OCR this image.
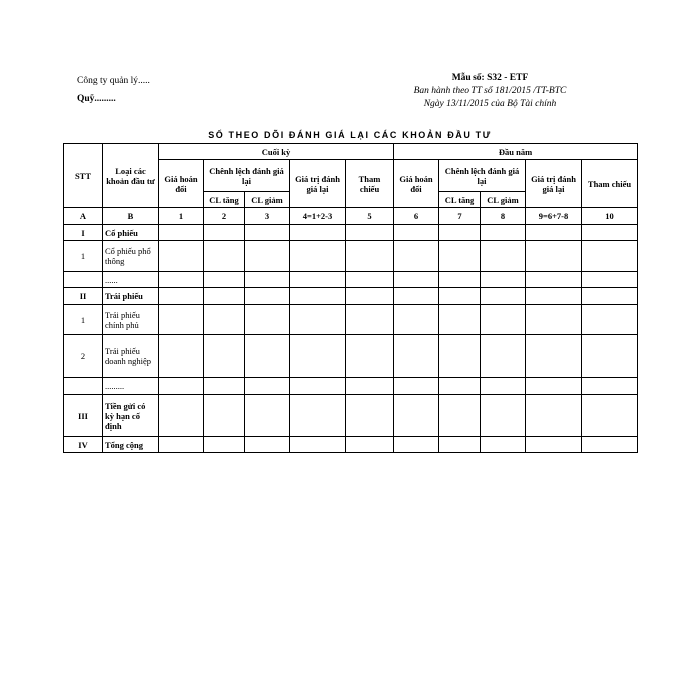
Công ty quản lý.....
Quỹ.........
Mẫu số: S32 - ETF
Ban hành theo TT số 181/2015 /TT-BTC
Ngày 13/11/2015 của Bộ Tài chính
SỔ THEO DÕI ĐÁNH GIÁ LẠI CÁC KHOẢN ĐẦU TƯ
STT	Loại các khoản đầu tư	Cuối kỳ					Đầu năm				
		Giá hoán đổi	Chênh lệch đánh giá lại		Giá trị đánh giá lại	Tham chiếu	Giá hoán đổi	Chênh lệch đánh giá lại		Giá trị đánh giá lại	Tham chiếu
			CL tăng	CL giảm				CL tăng	CL giảm		
A	B	1	2	3	4=1+2-3	5	6	7	8	9=6+7-8	10
I	Cổ phiếu										
1	Cổ phiếu phổ thông										
	......										
II	Trái phiếu										
1	Trái phiếu chính phủ										
2	Trái phiếu doanh nghiệp										
	.........										
III	Tiền gửi có kỳ hạn cố định										
IV	Tổng cộng										
